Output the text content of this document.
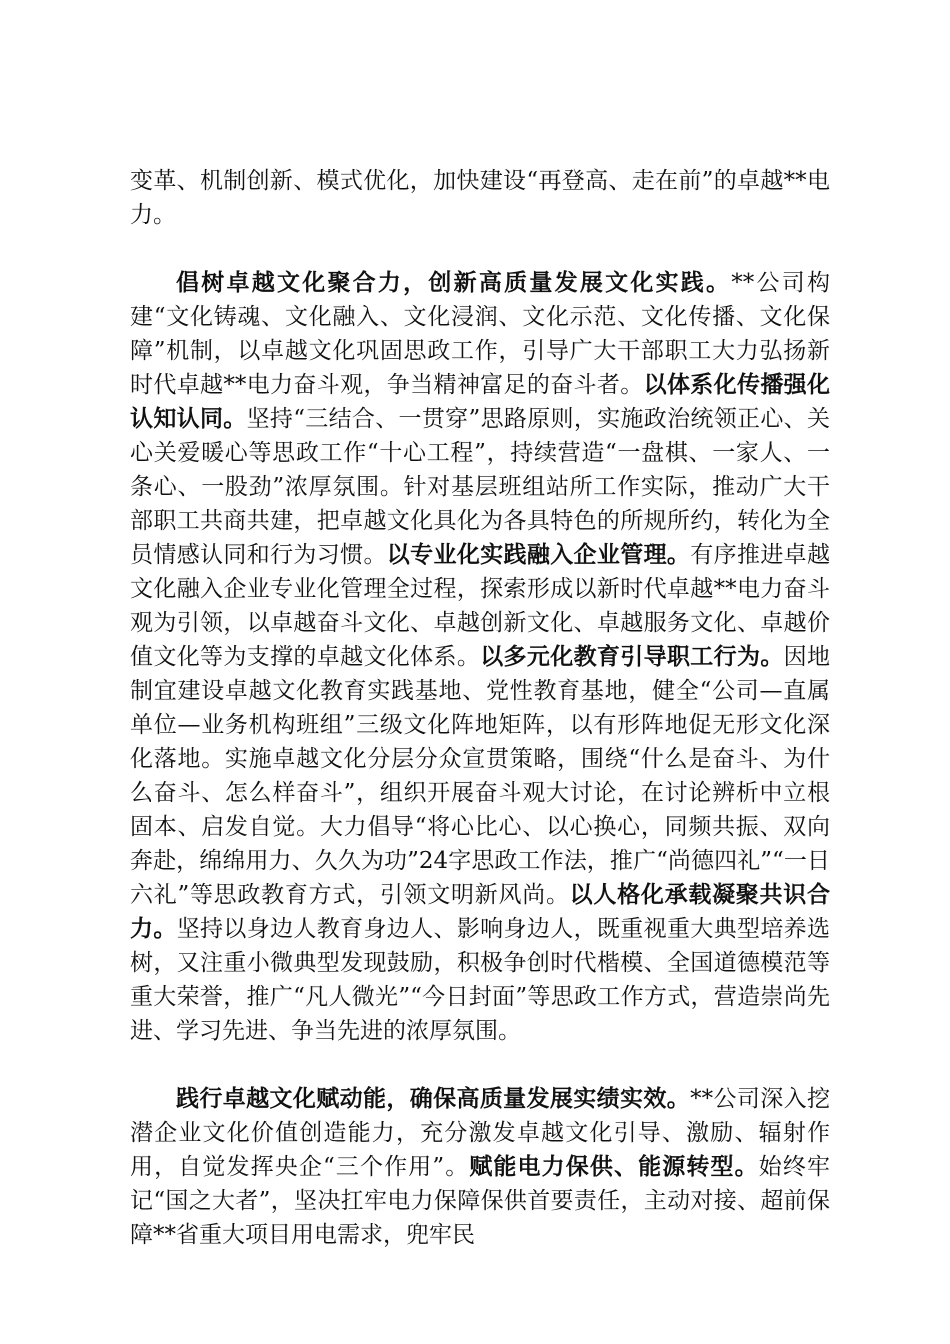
变革、机制创新、模式优化，加快建设“再登高、走在前”的卓越**电力。

倡树卓越文化聚合力，创新高质量发展文化实践。**公司构建“文化铸魂、文化融入、文化浸润、文化示范、文化传播、文化保障”机制，以卓越文化巩固思政工作，引导广大干部职工大力弘扬新时代卓越**电力奋斗观，争当精神富足的奋斗者。以体系化传播强化认知认同。坚持“三结合、一贯穿”思路原则，实施政治统领正心、关心关爱暖心等思政工作“十心工程”，持续营造“一盘棋、一家人、一条心、一股劲”浓厚氛围。针对基层班组站所工作实际，推动广大干部职工共商共建，把卓越文化具化为各具特色的所规所约，转化为全员情感认同和行为习惯。以专业化实践融入企业管理。有序推进卓越文化融入企业专业化管理全过程，探索形成以新时代卓越**电力奋斗观为引领，以卓越奋斗文化、卓越创新文化、卓越服务文化、卓越价值文化等为支撑的卓越文化体系。以多元化教育引导职工行为。因地制宜建设卓越文化教育实践基地、党性教育基地，健全“公司—直属单位—业务机构班组”三级文化阵地矩阵，以有形阵地促无形文化深化落地。实施卓越文化分层分众宣贯策略，围绕“什么是奋斗、为什么奋斗、怎么样奋斗”，组织开展奋斗观大讨论，在讨论辨析中立根固本、启发自觉。大力倡导“将心比心、以心换心，同频共振、双向奔赴，绵绵用力、久久为功”24字思政工作法，推广“尚德四礼”“一日六礼”等思政教育方式，引领文明新风尚。以人格化承载凝聚共识合力。坚持以身边人教育身边人、影响身边人，既重视重大典型培养选树，又注重小微典型发现鼓励，积极争创时代楷模、全国道德模范等重大荣誉，推广“凡人微光”“今日封面”等思政工作方式，营造崇尚先进、学习先进、争当先进的浓厚氛围。

践行卓越文化赋动能，确保高质量发展实绩实效。**公司深入挖潜企业文化价值创造能力，充分激发卓越文化引导、激励、辐射作用，自觉发挥央企“三个作用”。赋能电力保供、能源转型。始终牢记“国之大者”，坚决扛牢电力保障保供首要责任，主动对接、超前保障**省重大项目用电需求，兜牢民
